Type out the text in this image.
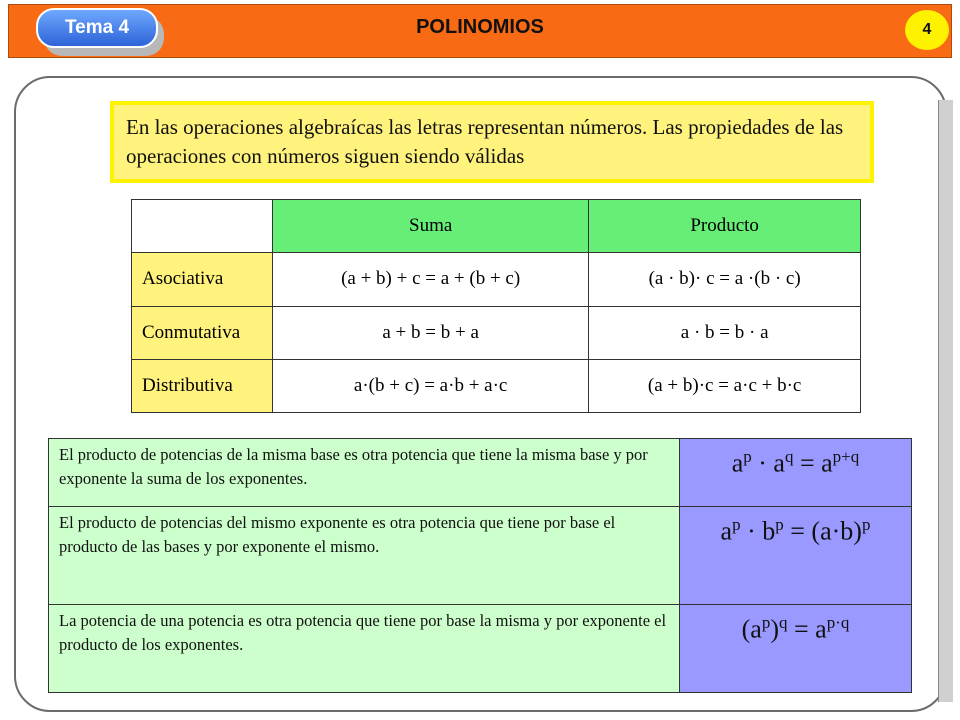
Tema 4	POLINOMIOS	4
En las operaciones algebraícas las letras representan números. Las propiedades de las operaciones con números siguen siendo válidas
	Suma	Producto
Asociativa	(a + b) + c = a + (b + c)	(a · b)· c = a ·(b · c)
Conmutativa	a + b = b + a	a · b = b · a
Distributiva	a·(b + c) = a·b + a·c	(a + b)·c = a·c + b·c
El producto de potencias de la misma base es otra potencia que tiene la misma base y por exponente la suma de los exponentes.	$a^p \cdot a^q = a^{p+q}$
El producto de potencias del mismo exponente es otra potencia que tiene por base el producto de las bases y por exponente el mismo.	$a^p \cdot b^p = (a\cdot b)^p$
La potencia de una potencia es otra potencia que tiene por base la misma y por exponente el producto de los exponentes.	$(a^p)^q = a^{p\cdot q}$
